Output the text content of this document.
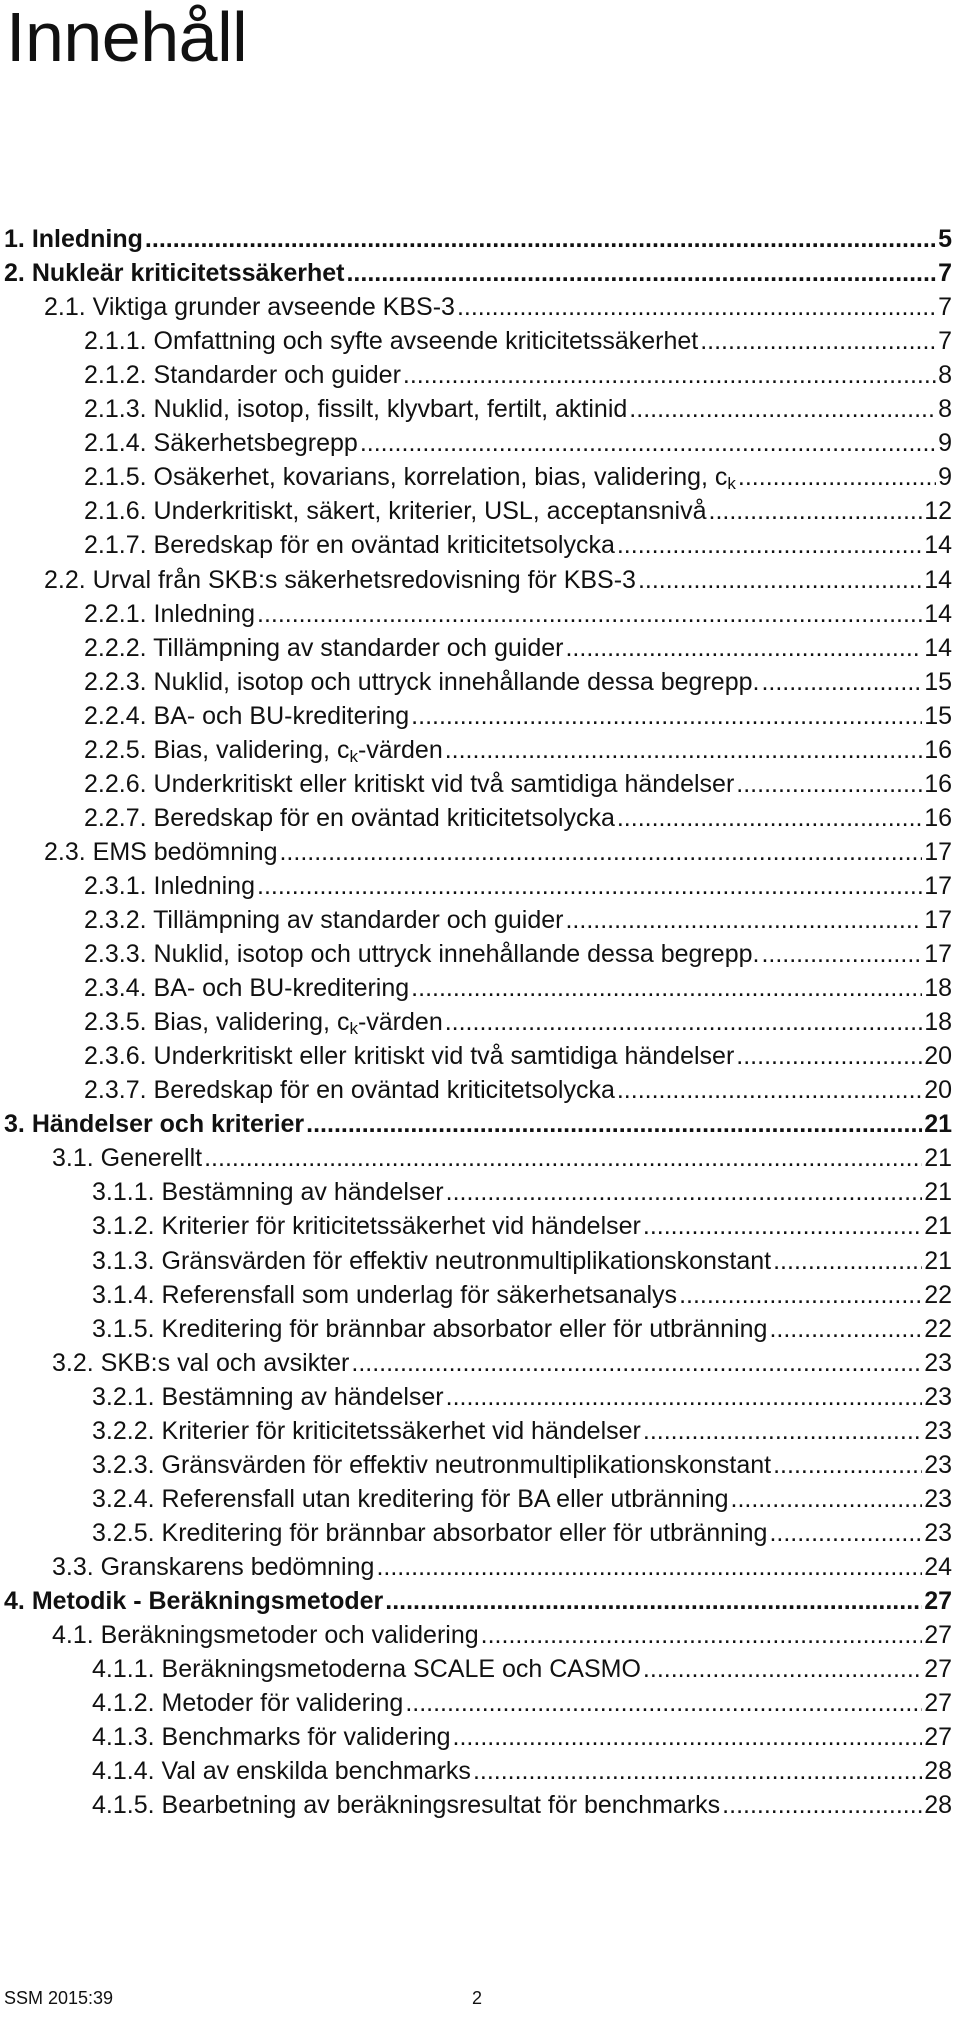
Innehåll
1. Inledning .....	5
2. Nukleär kriticitetssäkerhet .....	7
2.1. Viktiga grunder avseende KBS-3 .....	7
2.1.1. Omfattning och syfte avseende kriticitetssäkerhet .....	7
2.1.2. Standarder och guider .....	8
2.1.3. Nuklid, isotop, fissilt, klyvbart, fertilt, aktinid .....	8
2.1.4. Säkerhetsbegrepp .....	9
2.1.5. Osäkerhet, kovarians, korrelation, bias, validering, $c_k$ .....	9
2.1.6. Underkritiskt, säkert, kriterier, USL, acceptansnivå .....	12
2.1.7. Beredskap för en oväntad kriticitetsolycka .....	14
2.2. Urval från SKB:s säkerhetsredovisning för KBS-3 .....	14
2.2.1. Inledning .....	14
2.2.2. Tillämpning av standarder och guider .....	14
2.2.3. Nuklid, isotop och uttryck innehållande dessa begrepp. .....	15
2.2.4. BA- och BU-kreditering .....	15
2.2.5. Bias, validering, $c_k$-värden .....	16
2.2.6. Underkritiskt eller kritiskt vid två samtidiga händelser .....	16
2.2.7. Beredskap för en oväntad kriticitetsolycka .....	16
2.3. EMS bedömning .....	17
2.3.1. Inledning .....	17
2.3.2. Tillämpning av standarder och guider .....	17
2.3.3. Nuklid, isotop och uttryck innehållande dessa begrepp. .....	17
2.3.4. BA- och BU-kreditering .....	18
2.3.5. Bias, validering, $c_k$-värden .....	18
2.3.6. Underkritiskt eller kritiskt vid två samtidiga händelser .....	20
2.3.7. Beredskap för en oväntad kriticitetsolycka .....	20
3. Händelser och kriterier .....	21
3.1. Generellt .....	21
3.1.1. Bestämning av händelser .....	21
3.1.2. Kriterier för kriticitetssäkerhet vid händelser .....	21
3.1.3. Gränsvärden för effektiv neutronmultiplikationskonstant .....	21
3.1.4. Referensfall som underlag för säkerhetsanalys .....	22
3.1.5. Kreditering för brännbar absorbator eller för utbränning .....	22
3.2. SKB:s val och avsikter .....	23
3.2.1. Bestämning av händelser .....	23
3.2.2. Kriterier för kriticitetssäkerhet vid händelser .....	23
3.2.3. Gränsvärden för effektiv neutronmultiplikationskonstant .....	23
3.2.4. Referensfall utan kreditering för BA eller utbränning .....	23
3.2.5. Kreditering för brännbar absorbator eller för utbränning .....	23
3.3. Granskarens bedömning .....	24
4. Metodik - Beräkningsmetoder .....	27
4.1. Beräkningsmetoder och validering .....	27
4.1.1. Beräkningsmetoderna SCALE och CASMO .....	27
4.1.2. Metoder för validering .....	27
4.1.3. Benchmarks för validering .....	27
4.1.4. Val av enskilda benchmarks .....	28
4.1.5. Bearbetning av beräkningsresultat för benchmarks .....	28
SSM 2015:39	2
